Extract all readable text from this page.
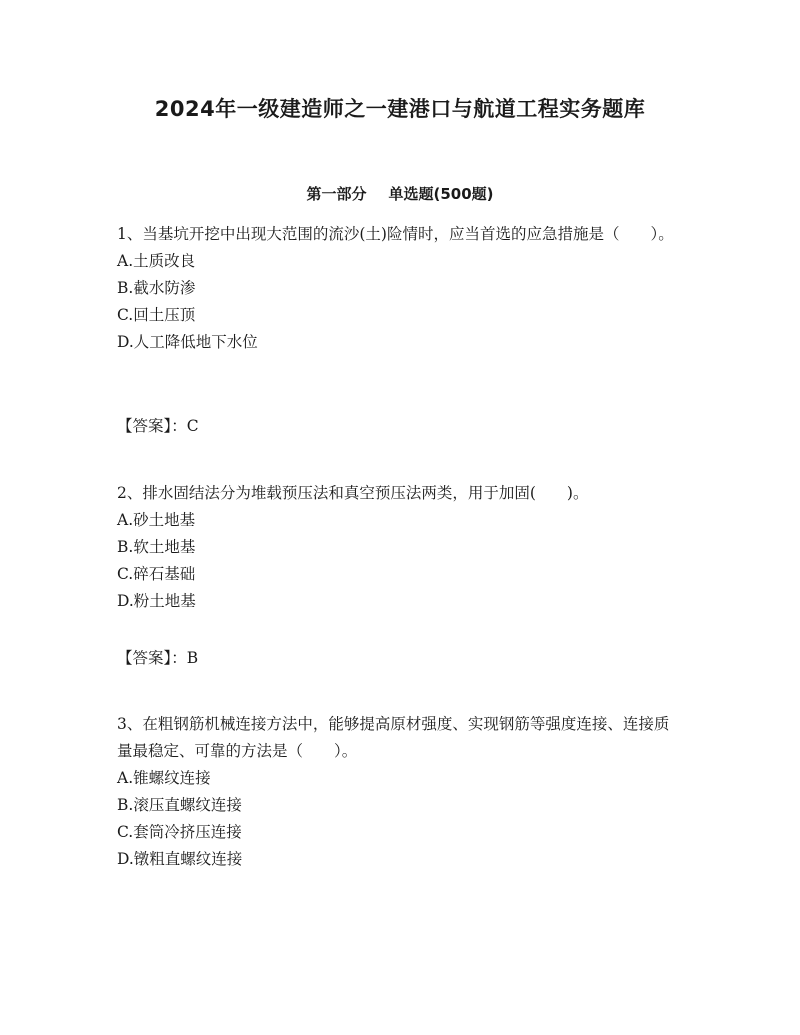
2024年一级建造师之一建港口与航道工程实务题库
第一部分 单选题(500题)

1、当基坑开挖中出现大范围的流沙(土)险情时，应当首选的应急措施是（　　）。

A.土质改良

B.截水防渗

C.回土压顶

D.人工降低地下水位

【答案】：C

2、排水固结法分为堆载预压法和真空预压法两类，用于加固(　　)。

A.砂土地基

B.软土地基

C.碎石基础

D.粉土地基

【答案】：B

3、在粗钢筋机械连接方法中，能够提高原材强度、实现钢筋等强度连接、连接质量最稳定、可靠的方法是（　　）。

A.锥螺纹连接

B.滚压直螺纹连接

C.套筒冷挤压连接

D.镦粗直螺纹连接
